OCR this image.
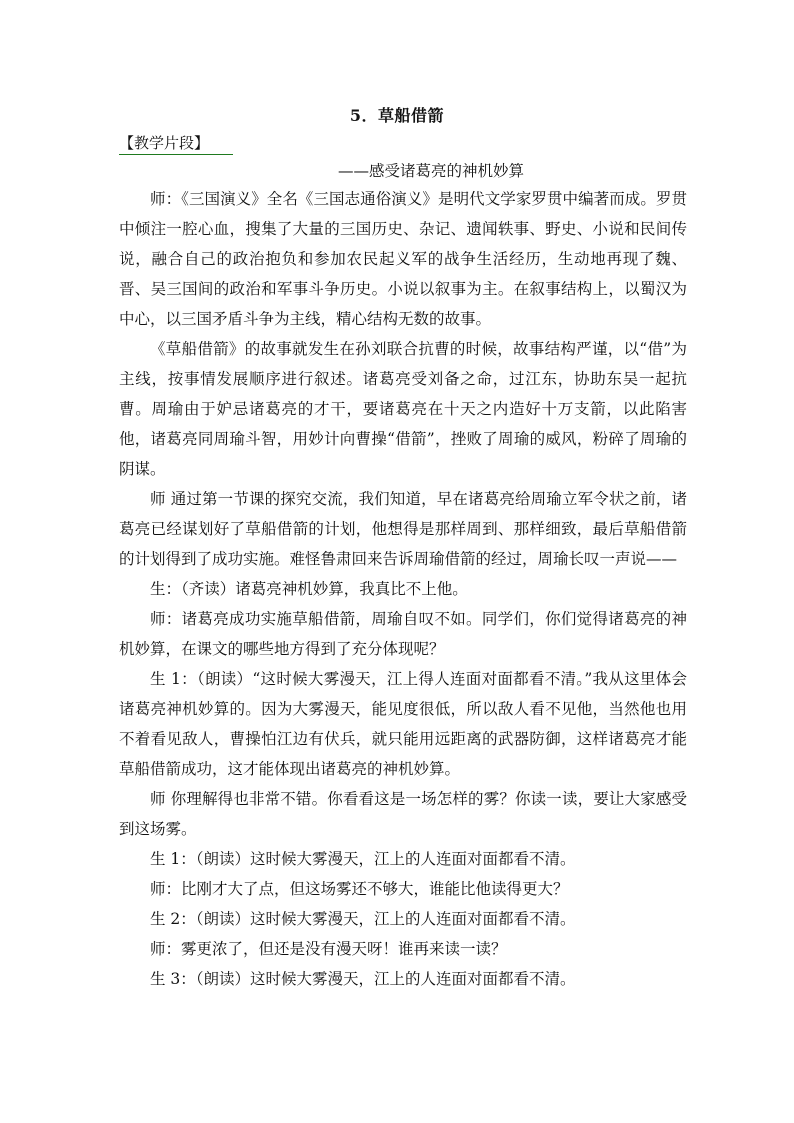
5．草船借箭
【教学片段】
——感受诸葛亮的神机妙算

师：《三国演义》全名《三国志通俗演义》是明代文学家罗贯中编著而成。罗贯中倾注一腔心血，搜集了大量的三国历史、杂记、遗闻轶事、野史、小说和民间传说，融合自己的政治抱负和参加农民起义军的战争生活经历，生动地再现了魏、晋、吴三国间的政治和军事斗争历史。小说以叙事为主。在叙事结构上，以蜀汉为中心，以三国矛盾斗争为主线，精心结构无数的故事。

《草船借箭》的故事就发生在孙刘联合抗曹的时候，故事结构严谨，以“借”为主线，按事情发展顺序进行叙述。诸葛亮受刘备之命，过江东，协助东吴一起抗曹。周瑜由于妒忌诸葛亮的才干，要诸葛亮在十天之内造好十万支箭，以此陷害他，诸葛亮同周瑜斗智，用妙计向曹操“借箭”，挫败了周瑜的威风，粉碎了周瑜的阴谋。

师 通过第一节课的探究交流，我们知道，早在诸葛亮给周瑜立军令状之前，诸葛亮已经谋划好了草船借箭的计划，他想得是那样周到、那样细致，最后草船借箭的计划得到了成功实施。难怪鲁肃回来告诉周瑜借箭的经过，周瑜长叹一声说——

生：（齐读）诸葛亮神机妙算，我真比不上他。

师：诸葛亮成功实施草船借箭，周瑜自叹不如。同学们，你们觉得诸葛亮的神机妙算，在课文的哪些地方得到了充分体现呢？

生 1：（朗读）“这时候大雾漫天，江上得人连面对面都看不清。”我从这里体会诸葛亮神机妙算的。因为大雾漫天，能见度很低，所以敌人看不见他，当然他也用不着看见敌人，曹操怕江边有伏兵，就只能用远距离的武器防御，这样诸葛亮才能草船借箭成功，这才能体现出诸葛亮的神机妙算。

师 你理解得也非常不错。你看看这是一场怎样的雾？你读一读，要让大家感受到这场雾。

生 1：（朗读）这时候大雾漫天，江上的人连面对面都看不清。

师：比刚才大了点，但这场雾还不够大，谁能比他读得更大？

生 2：（朗读）这时候大雾漫天，江上的人连面对面都看不清。

师：雾更浓了，但还是没有漫天呀！谁再来读一读？

生 3：（朗读）这时候大雾漫天，江上的人连面对面都看不清。
